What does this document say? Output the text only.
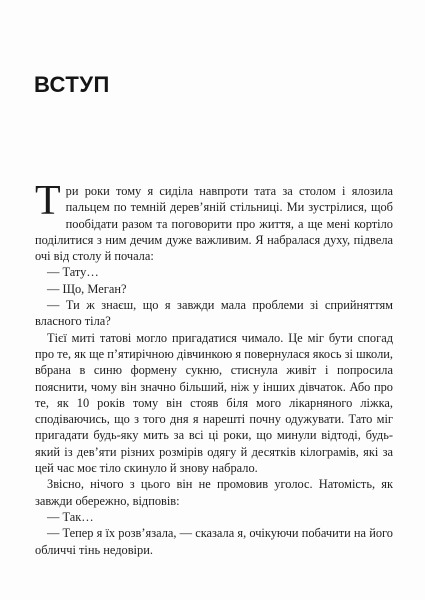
ВСТУП

Три роки тому я сиділа навпроти тата за столом і ялозила пальцем по темній дерев’яній стільниці. Ми зустрілися, щоб пообідати разом та поговорити про життя, а ще мені кортіло поділитися з ним дечим дуже важливим. Я набралася духу, підвела очі від столу й почала:

— Тату…

— Що, Меган?

— Ти ж знаєш, що я завжди мала проблеми зі сприйняттям власного тіла?

Тієї миті татові могло пригадатися чимало. Це міг бути спогад про те, як ще п’ятирічною дівчинкою я повернулася якось зі школи, вбрана в синю формену сукню, стиснула живіт і попросила пояснити, чому він значно більший, ніж у інших дівчаток. Або про те, як 10 років тому він стояв біля мого лікарняного ліжка, сподіваючись, що з того дня я нарешті почну одужувати. Тато міг пригадати будь-яку мить за всі ці роки, що минули відтоді, будь-який із дев’яти різних розмірів одягу й десятків кілограмів, які за цей час моє тіло скинуло й знову набрало.

Звісно, нічого з цього він не промовив уголос. Натомість, як завжди обережно, відповів:

— Так…

— Тепер я їх розв’язала, — сказала я, очікуючи побачити на його обличчі тінь недовіри.
